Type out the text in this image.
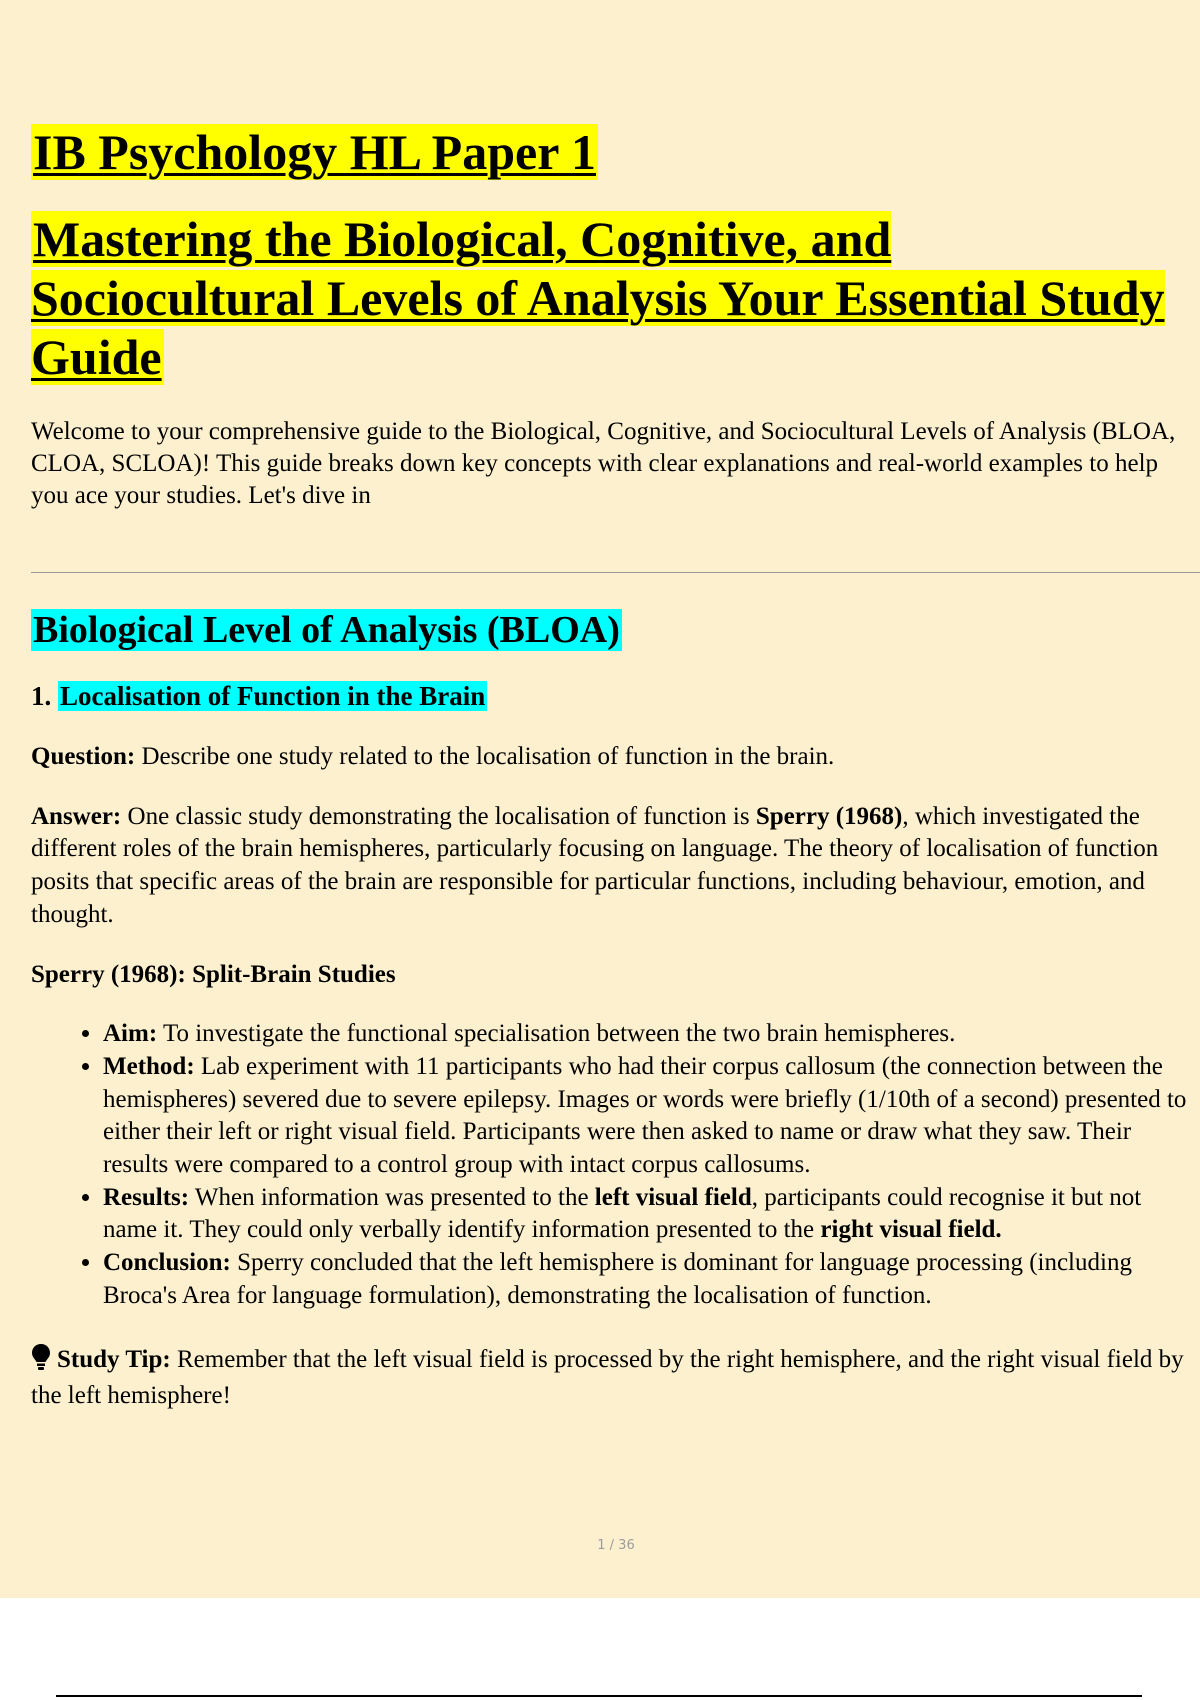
IB Psychology HL Paper 1
Mastering the Biological, Cognitive, and Sociocultural Levels of Analysis Your Essential Study Guide

Welcome to your comprehensive guide to the Biological, Cognitive, and Sociocultural Levels of Analysis (BLOA, CLOA, SCLOA)! This guide breaks down key concepts with clear explanations and real-world examples to help you ace your studies. Let's dive in

Biological Level of Analysis (BLOA)
1. Localisation of Function in the Brain

Question: Describe one study related to the localisation of function in the brain.

Answer: One classic study demonstrating the localisation of function is Sperry (1968), which investigated the different roles of the brain hemispheres, particularly focusing on language. The theory of localisation of function posits that specific areas of the brain are responsible for particular functions, including behaviour, emotion, and thought.

Sperry (1968): Split-Brain Studies

• Aim: To investigate the functional specialisation between the two brain hemispheres.
• Method: Lab experiment with 11 participants who had their corpus callosum (the connection between the hemispheres) severed due to severe epilepsy. Images or words were briefly (1/10th of a second) presented to either their left or right visual field. Participants were then asked to name or draw what they saw. Their results were compared to a control group with intact corpus callosums.
• Results: When information was presented to the left visual field, participants could recognise it but not name it. They could only verbally identify information presented to the right visual field.
• Conclusion: Sperry concluded that the left hemisphere is dominant for language processing (including Broca's Area for language formulation), demonstrating the localisation of function.

Study Tip: Remember that the left visual field is processed by the right hemisphere, and the right visual field by the left hemisphere!

1 / 36
